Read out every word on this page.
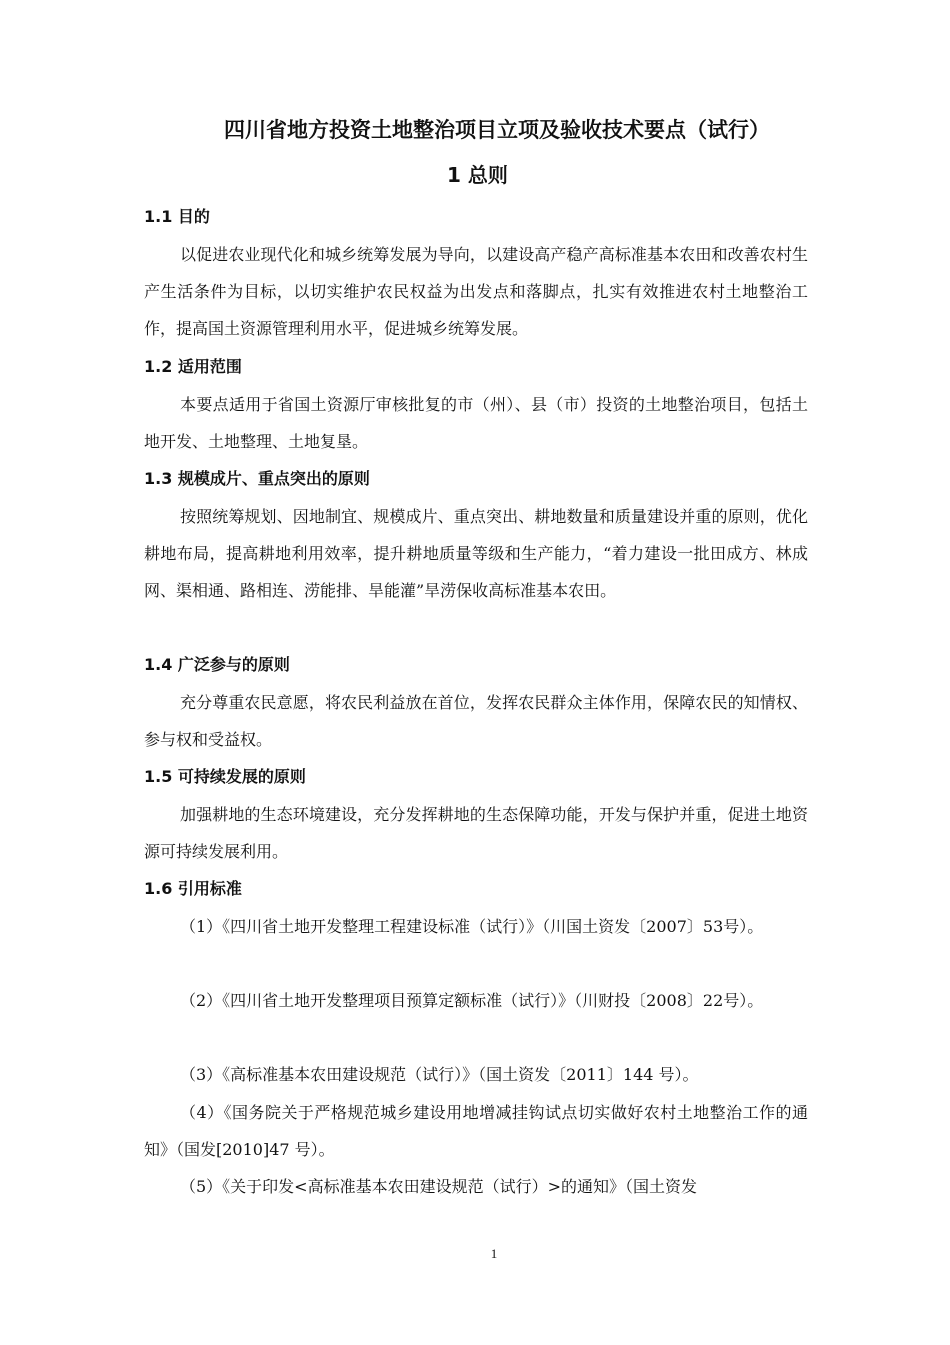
四川省地方投资土地整治项目立项及验收技术要点（试行）
1 总则
1.1 目的
以促进农业现代化和城乡统筹发展为导向，以建设高产稳产高标准基本农田和改善农村生产生活条件为目标，以切实维护农民权益为出发点和落脚点，扎实有效推进农村土地整治工作，提高国土资源管理利用水平，促进城乡统筹发展。
1.2 适用范围
本要点适用于省国土资源厅审核批复的市（州）、县（市）投资的土地整治项目，包括土地开发、土地整理、土地复垦。
1.3 规模成片、重点突出的原则
按照统筹规划、因地制宜、规模成片、重点突出、耕地数量和质量建设并重的原则，优化耕地布局，提高耕地利用效率，提升耕地质量等级和生产能力，“着力建设一批田成方、林成网、渠相通、路相连、涝能排、旱能灌”旱涝保收高标准基本农田。
1.4 广泛参与的原则
充分尊重农民意愿，将农民利益放在首位，发挥农民群众主体作用，保障农民的知情权、参与权和受益权。
1.5 可持续发展的原则
加强耕地的生态环境建设，充分发挥耕地的生态保障功能，开发与保护并重，促进土地资源可持续发展利用。
1.6 引用标准
（1）《四川省土地开发整理工程建设标准（试行）》（川国土资发〔2007〕53号）。
（2）《四川省土地开发整理项目预算定额标准（试行）》（川财投〔2008〕22号）。
（3）《高标准基本农田建设规范（试行）》（国土资发〔2011〕144 号）。
（4）《国务院关于严格规范城乡建设用地增减挂钩试点切实做好农村土地整治工作的通知》（国发[2010]47 号）。
（5）《关于印发<高标准基本农田建设规范（试行）>的通知》（国土资发
1
